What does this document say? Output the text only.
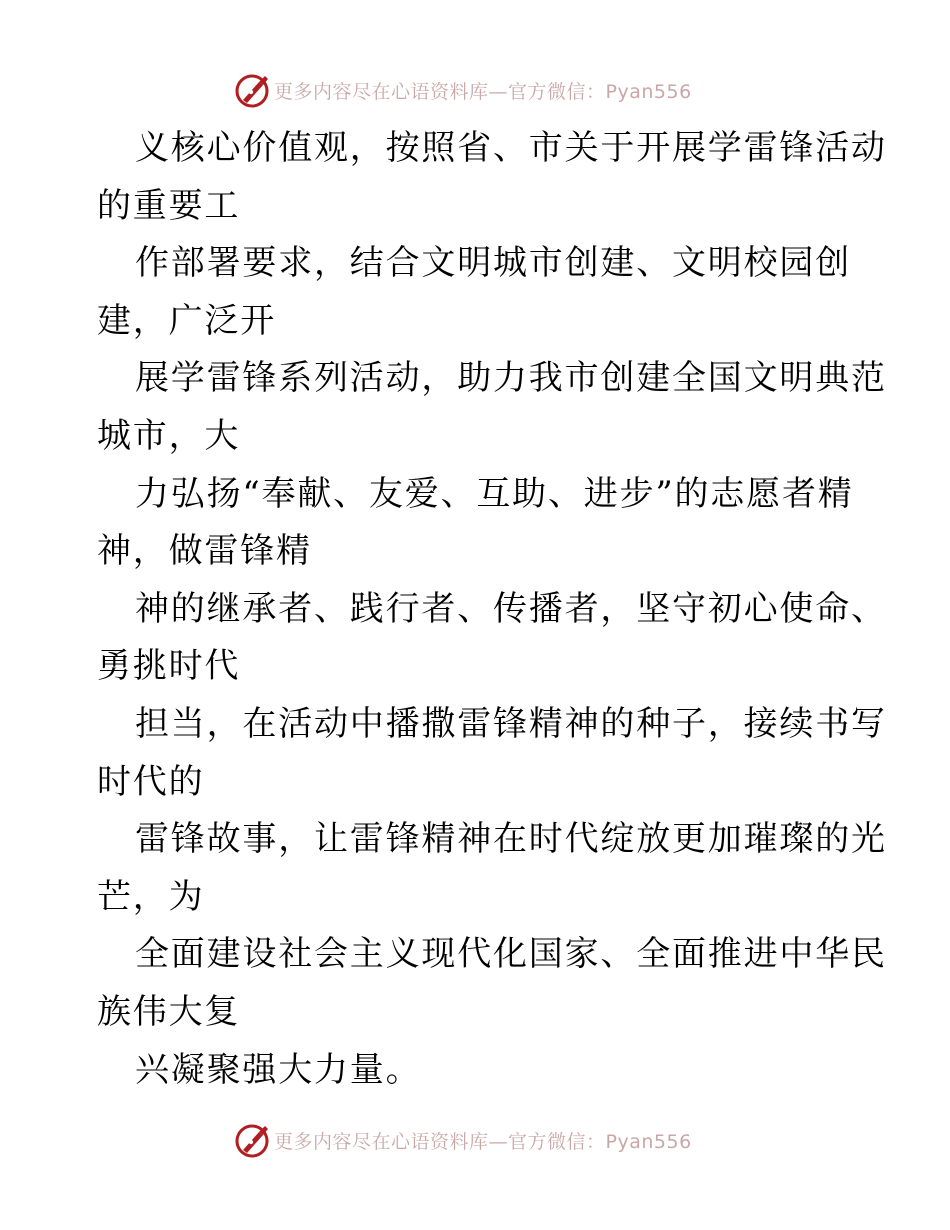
更多内容尽在心语资料库—官方微信：Pyan556
义核心价值观，按照省、市关于开展学雷锋活动
的重要工
作部署要求，结合文明城市创建、文明校园创
建，广泛开
展学雷锋系列活动，助力我市创建全国文明典范
城市，大
力弘扬“奉献、友爱、互助、进步”的志愿者精
神，做雷锋精
神的继承者、践行者、传播者，坚守初心使命、
勇挑时代
担当，在活动中播撒雷锋精神的种子，接续书写
时代的
雷锋故事，让雷锋精神在时代绽放更加璀璨的光
芒，为
全面建设社会主义现代化国家、全面推进中华民
族伟大复
兴凝聚强大力量。
更多内容尽在心语资料库—官方微信：Pyan556
